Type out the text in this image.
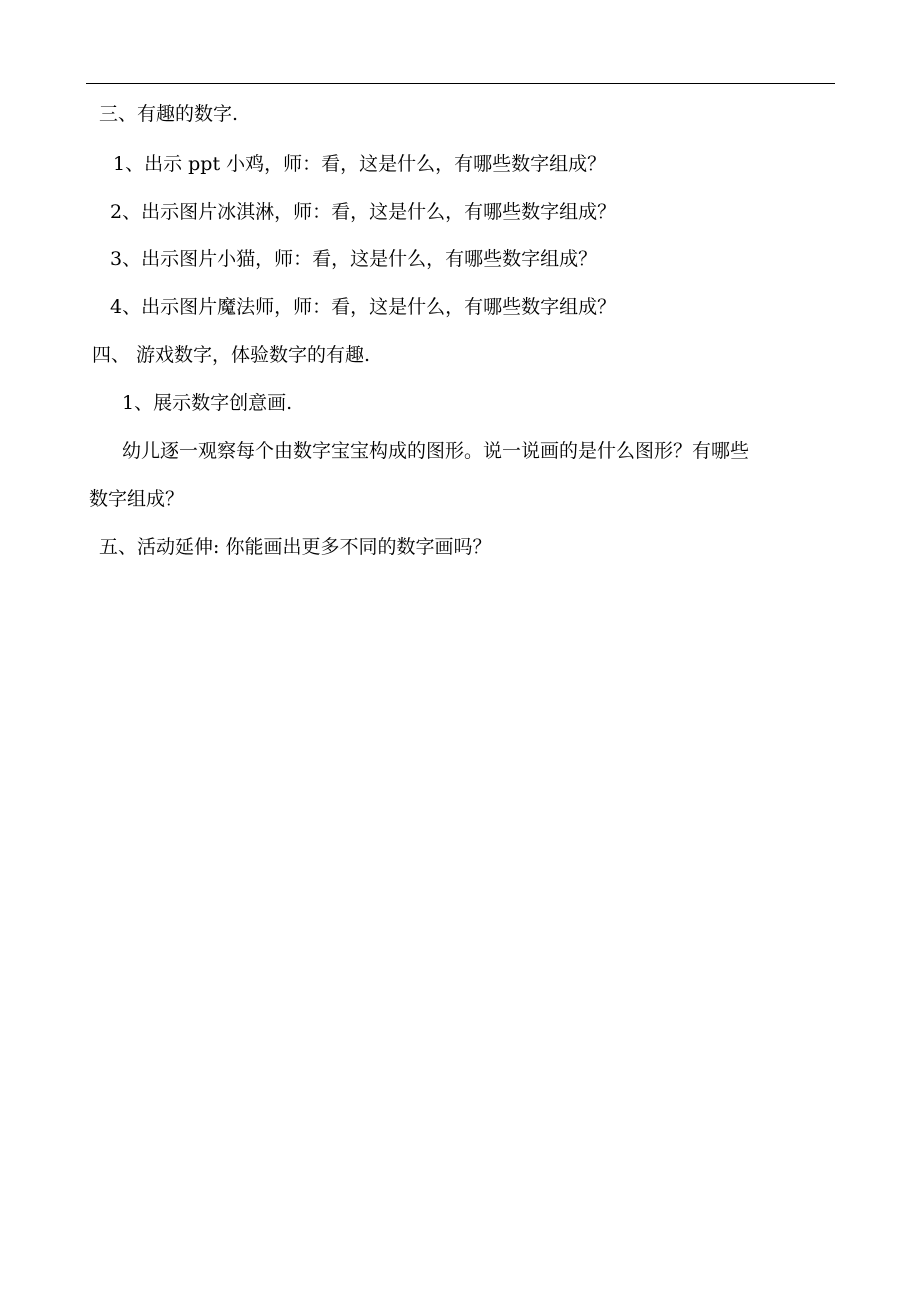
三、有趣的数字.
1、出示 ppt 小鸡，师：看，这是什么，有哪些数字组成？
2、出示图片冰淇淋，师：看，这是什么，有哪些数字组成？
3、出示图片小猫，师：看，这是什么，有哪些数字组成？
4、出示图片魔法师，师：看，这是什么，有哪些数字组成？
四、 游戏数字，体验数字的有趣.
1、展示数字创意画.
幼儿逐一观察每个由数字宝宝构成的图形。说一说画的是什么图形？有哪些
数字组成？
五、活动延伸: 你能画出更多不同的数字画吗？
